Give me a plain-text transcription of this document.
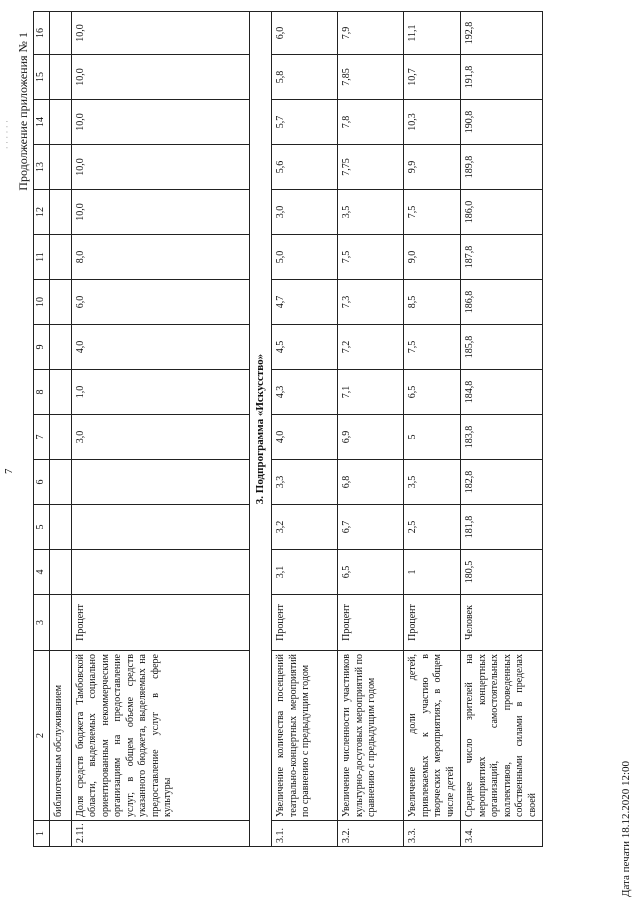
· · · · · ·
7
Продолжение приложения № 1
1	2	3	4	5	6	7	8	9	10	11	12	13	14	15	16
	библиотечным обслуживанием														
2.11.	Доля средств бюджета Тамбовской области, выделяемых социально ориентированным некоммерческим организациям на предоставление услуг, в общем объеме средств указанного бюджета, выделяемых на предоставление услуг в сфере культуры	Процент				3,0	1,0	4,0	6,0	8,0	10,0	10,0	10,0	10,0	10,0
3. Подпрограмма «Искусство»															
3.1.	Увеличение количества посещений театрально-концертных мероприятий по сравнению с предыдущим годом	Процент	3,1	3,2	3,3	4,0	4,3	4,5	4,7	5,0	3,0	5,6	5,7	5,8	6,0
3.2.	Увеличение численности участников культурно-досуговых мероприятий по сравнению с предыдущим годом	Процент	6,5	6,7	6,8	6,9	7,1	7,2	7,3	7,5	3,5	7,75	7,8	7,85	7,9
3.3.	Увеличение доли детей, привлекаемых к участию в творческих мероприятиях, в общем числе детей	Процент	1	2,5	3,5	5	6,5	7,5	8,5	9,0	7,5	9,9	10,3	10,7	11,1
3.4.	Среднее число зрителей на мероприятиях концертных организаций, самостоятельных коллективов, проведенных собственными силами в пределах своей	Человек	180,5	181,8	182,8	183,8	184,8	185,8	186,8	187,8	186,0	189,8	190,8	191,8	192,8
Дата печати 18.12.2020 12:00
